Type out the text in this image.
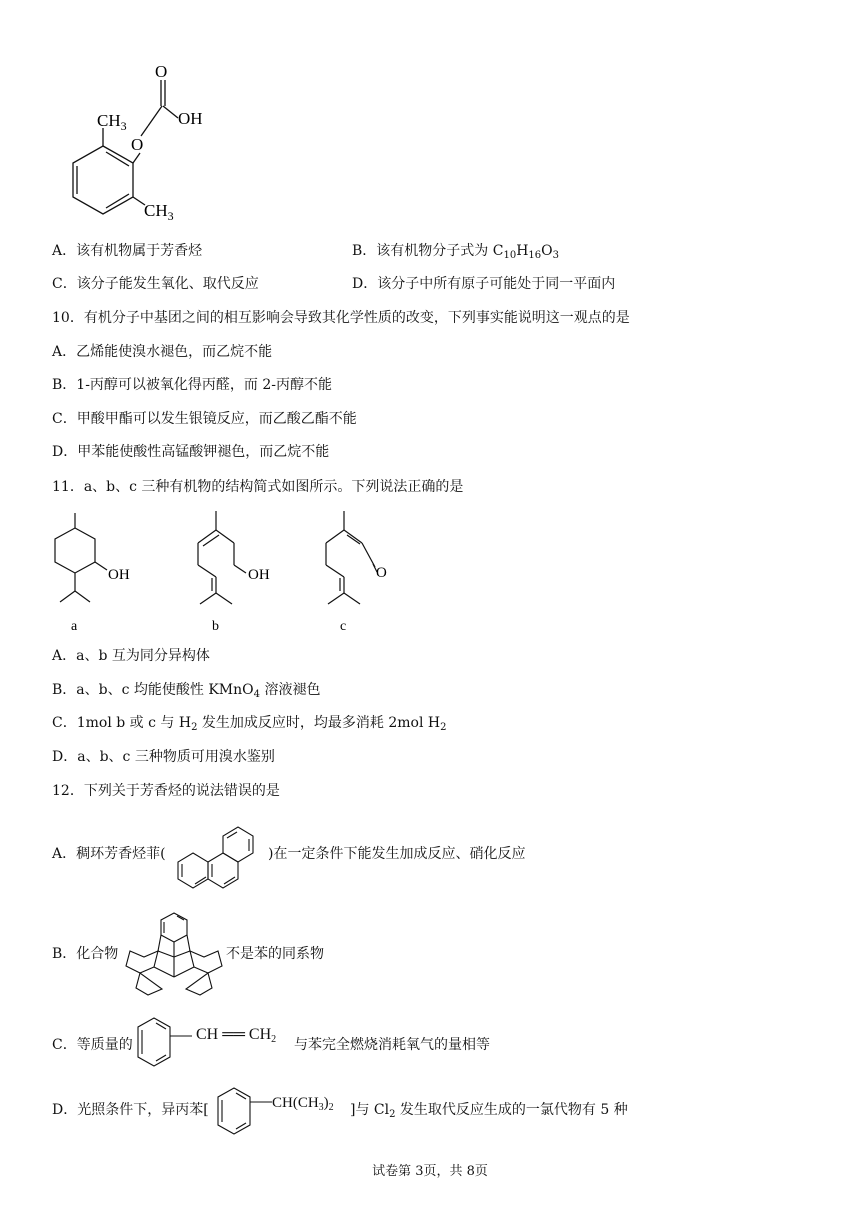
$CH_3$
O
O
OH
$CH_3$
A．该有机物属于芳香烃	B．该有机物分子式为 $C_{10}H_{16}O_3$
C．该分子能发生氧化、取代反应	D．该分子中所有原子可能处于同一平面内
10．有机分子中基团之间的相互影响会导致其化学性质的改变，下列事实能说明这一观点的是
A．乙烯能使溴水褪色，而乙烷不能
B．1-丙醇可以被氧化得丙醛，而 2-丙醇不能
C．甲酸甲酯可以发生银镜反应，而乙酸乙酯不能
D．甲苯能使酸性高锰酸钾褪色，而乙烷不能
11．a、b、c 三种有机物的结构简式如图所示。下列说法正确的是
OH	OH	O
a	b	c
A．a、b 互为同分异构体
B．a、b、c 均能使酸性 KMnO$_4$ 溶液褪色
C．1mol b 或 c 与 $H_2$ 发生加成反应时，均最多消耗 2mol $H_2$
D．a、b、c 三种物质可用溴水鉴别
12．下列关于芳香烃的说法错误的是
A．稠环芳香烃菲(	)在一定条件下能发生加成反应、硝化反应
B．化合物	不是苯的同系物
C．等质量的
CH ══ $CH_2$ 与苯完全燃烧消耗氧气的量相等
D．光照条件下，异丙苯[	$CH(CH_3)_2$ ]与 $Cl_2$ 发生取代反应生成的一氯代物有 5 种
试卷第 3页，共 8页
